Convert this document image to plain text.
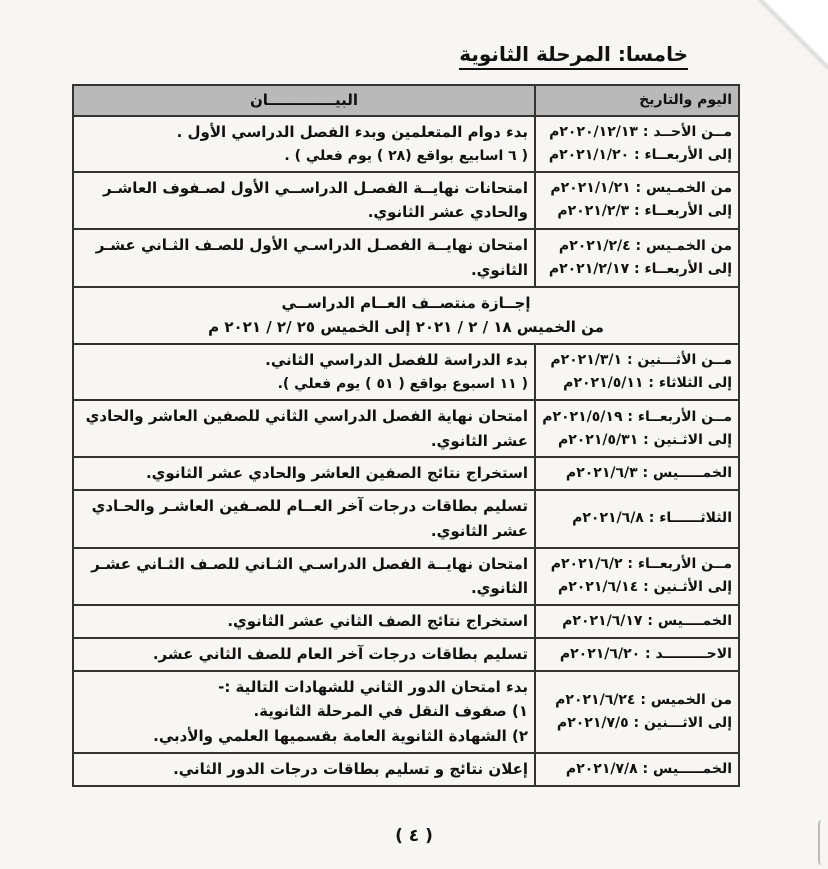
خامسا: المرحلة الثانوية
اليوم والتاريخ	البيـــــــــــــان

مــن الأحــد : ٢٠٢٠/١٢/١٣م
إلى الأربعــاء : ٢٠٢١/١/٢٠م	بدء دوام المتعلمين وبدء الفصل الدراسي الأول .
( ٦ اسابيع بواقع (٢٨ ) يوم فعلي ) .

من الخمـيس : ٢٠٢١/١/٢١م
إلى الأربعــاء : ٢٠٢١/٢/٣م	امتحانات نهايــة الفصـل الدراســي الأول لصـفوف العاشـر
والحادي عشر الثانوي.

من الخمـيس : ٢٠٢١/٢/٤م
إلى الأربعــاء : ٢٠٢١/٢/١٧م	امتحان نهايــة الفصـل الدراسـي الأول للصـف الثـاني عشـر
الثانوي.

إجــازة منتصــف العــام الدراســي
من الخميس ١٨ / ٢ / ٢٠٢١ إلى الخميس ٢٥ /٢ / ٢٠٢١ م	

مــن الأثـــنين : ٢٠٢١/٣/١م
إلى الثلاثاء : ٢٠٢١/٥/١١م	بدء الدراسة للفصل الدراسي الثاني.
( ١١ اسبوع بواقع ( ٥١ ) يوم فعلي ).

مــن الأربعــاء : ٢٠٢١/٥/١٩م
إلى الاثـنين : ٢٠٢١/٥/٣١م	امتحان نهاية الفصل الدراسي الثاني للصفين العاشر والحادي
عشر الثانوي.

الخمـــــيس : ٢٠٢١/٦/٣م	استخراج نتائج الصفين العاشر والحادي عشر الثانوي.

الثلاثــــــاء : ٢٠٢١/٦/٨م	تسليم بطاقات درجات آخر العــام للصـفين العاشـر والحـادي
عشر الثانوي.

مــن الأربعــاء : ٢٠٢١/٦/٢م
إلى الأثـنين : ٢٠٢١/٦/١٤م	امتحان نهايــة الفصل الدراسـي الثـاني للصـف الثـاني عشـر
الثانوي.

الخمــــيس : ٢٠٢١/٦/١٧م	استخراج نتائج الصف الثاني عشر الثانوي.

الاحـــــــــد : ٢٠٢١/٦/٢٠م	تسليم بطاقات درجات آخر العام للصف الثاني عشر.

من الخميس : ٢٠٢١/٦/٢٤م
إلى الاثـــنين : ٢٠٢١/٧/٥م	بدء امتحان الدور الثاني للشهادات التالية :-
١) صفوف النقل في المرحلة الثانوية.
٢) الشهادة الثانوية العامة بقسميها العلمي والأدبي.

الخمـــــيس : ٢٠٢١/٧/٨م	إعلان نتائج و تسليم بطاقات درجات الدور الثاني.
( ٤ )
